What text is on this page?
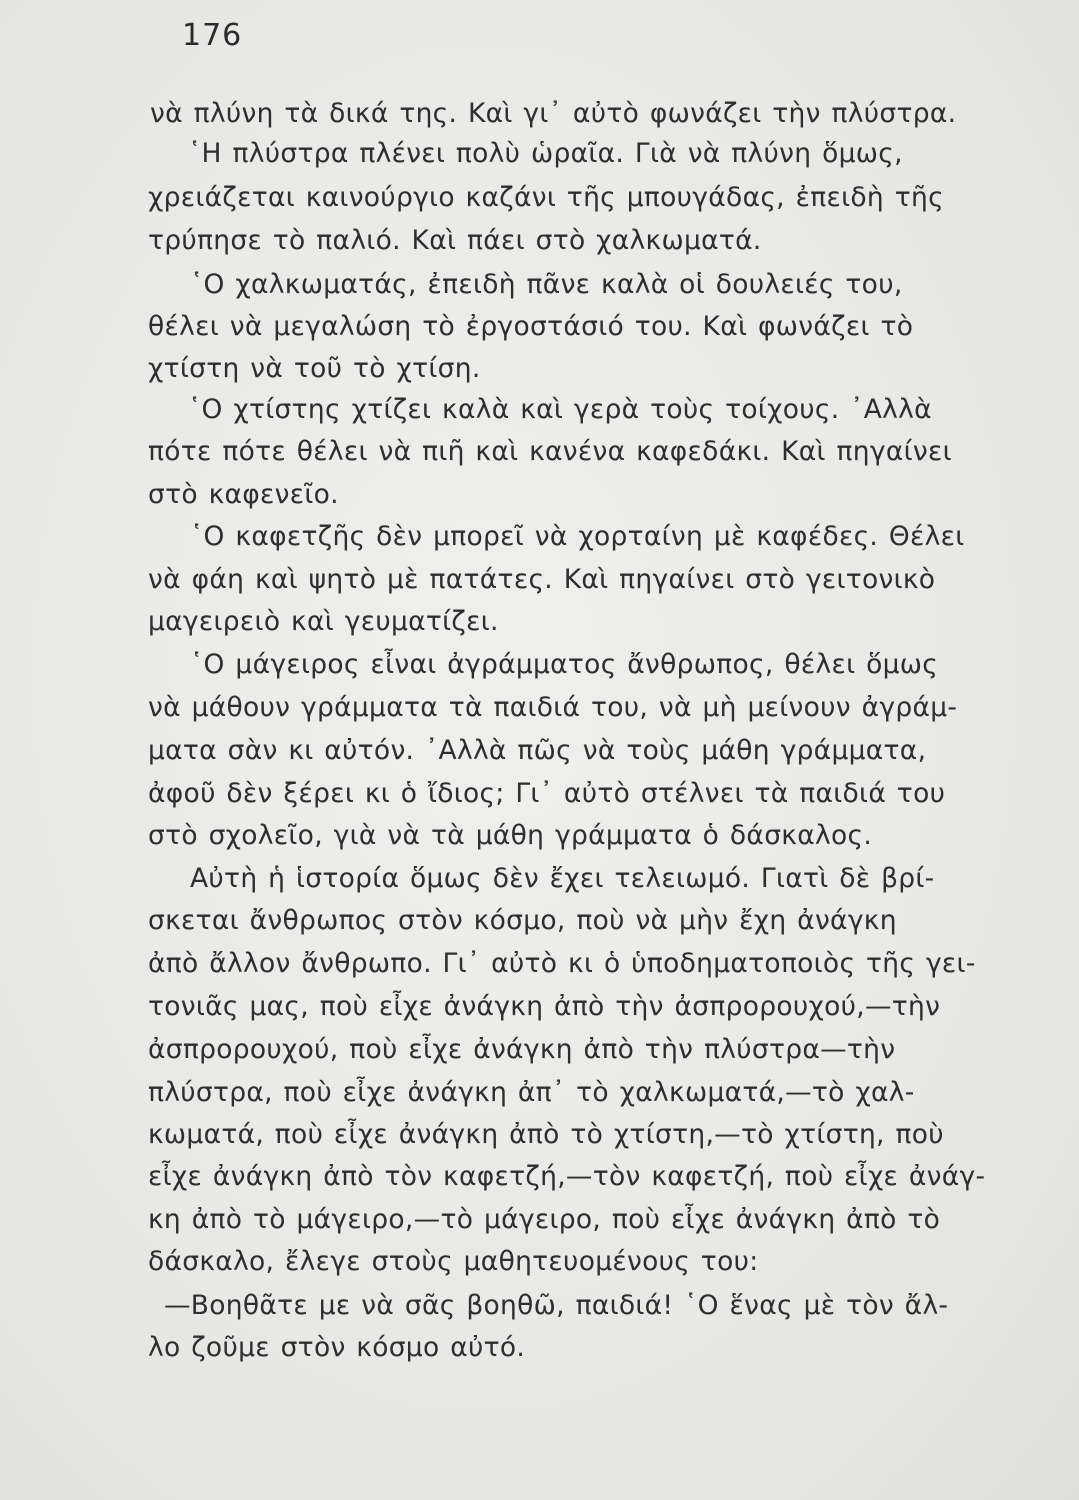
176
νὰ πλύνη τὰ δικά της. Καὶ γι᾿ αὐτὸ φωνάζει τὴν πλύστρα.
῾Η πλύστρα πλένει πολὺ ὡραῖα. Γιὰ νὰ πλύνη ὅμως,
χρειάζεται καινούργιο καζάνι τῆς μπουγάδας, ἐπειδὴ τῆς
τρύπησε τὸ παλιό. Καὶ πάει στὸ χαλκωματά.
῾Ο χαλκωματάς, ἐπειδὴ πᾶνε καλὰ οἱ δουλειές του,
θέλει νὰ μεγαλώση τὸ ἐργοστάσιό του. Καὶ φωνάζει τὸ
χτίστη νὰ τοῦ τὸ χτίση.
῾Ο χτίστης χτίζει καλὰ καὶ γερὰ τοὺς τοίχους. ᾿Αλλὰ
πότε πότε θέλει νὰ πιῆ καὶ κανένα καφεδάκι. Καὶ πηγαίνει
στὸ καφενεῖο.
῾Ο καφετζῆς δὲν μπορεῖ νὰ χορταίνη μὲ καφέδες. Θέλει
νὰ φάη καὶ ψητὸ μὲ πατάτες. Καὶ πηγαίνει στὸ γειτονικὸ
μαγειρειὸ καὶ γευματίζει.
῾Ο μάγειρος εἶναι ἀγράμματος ἄνθρωπος, θέλει ὅμως
νὰ μάθουν γράμματα τὰ παιδιά του, νὰ μὴ μείνουν ἀγράμ-
ματα σὰν κι αὐτόν. ᾿Αλλὰ πῶς νὰ τοὺς μάθη γράμματα,
ἀφοῦ δὲν ξέρει κι ὁ ἴδιος; Γι᾿ αὐτὸ στέλνει τὰ παιδιά του
στὸ σχολεῖο, γιὰ νὰ τὰ μάθη γράμματα ὁ δάσκαλος.
Αὐτὴ ἡ ἱστορία ὅμως δὲν ἔχει τελειωμό. Γιατὶ δὲ βρί-
σκεται ἄνθρωπος στὸν κόσμο, ποὺ νὰ μὴν ἔχη ἀνάγκη
ἀπὸ ἄλλον ἄνθρωπο. Γι᾿ αὐτὸ κι ὁ ὑποδηματοποιὸς τῆς γει-
τονιᾶς μας, ποὺ εἶχε ἀνάγκη ἀπὸ τὴν ἀσπρορουχού,—τὴν
ἀσπρορουχού, ποὺ εἶχε ἀνάγκη ἀπὸ τὴν πλύστρα—τὴν
πλύστρα, ποὺ εἶχε ἀνάγκη ἀπ᾿ τὸ χαλκωματά,—τὸ χαλ-
κωματά, ποὺ εἶχε ἀνάγκη ἀπὸ τὸ χτίστη,—τὸ χτίστη, ποὺ
εἶχε ἀνάγκη ἀπὸ τὸν καφετζή,—τὸν καφετζή, ποὺ εἶχε ἀνάγ-
κη ἀπὸ τὸ μάγειρο,—τὸ μάγειρο, ποὺ εἶχε ἀνάγκη ἀπὸ τὸ
δάσκαλο, ἔλεγε στοὺς μαθητευομένους του:
—Βοηθᾶτε με νὰ σᾶς βοηθῶ, παιδιά! ῾Ο ἕνας μὲ τὸν ἄλ-
λο ζοῦμε στὸν κόσμο αὐτό.
